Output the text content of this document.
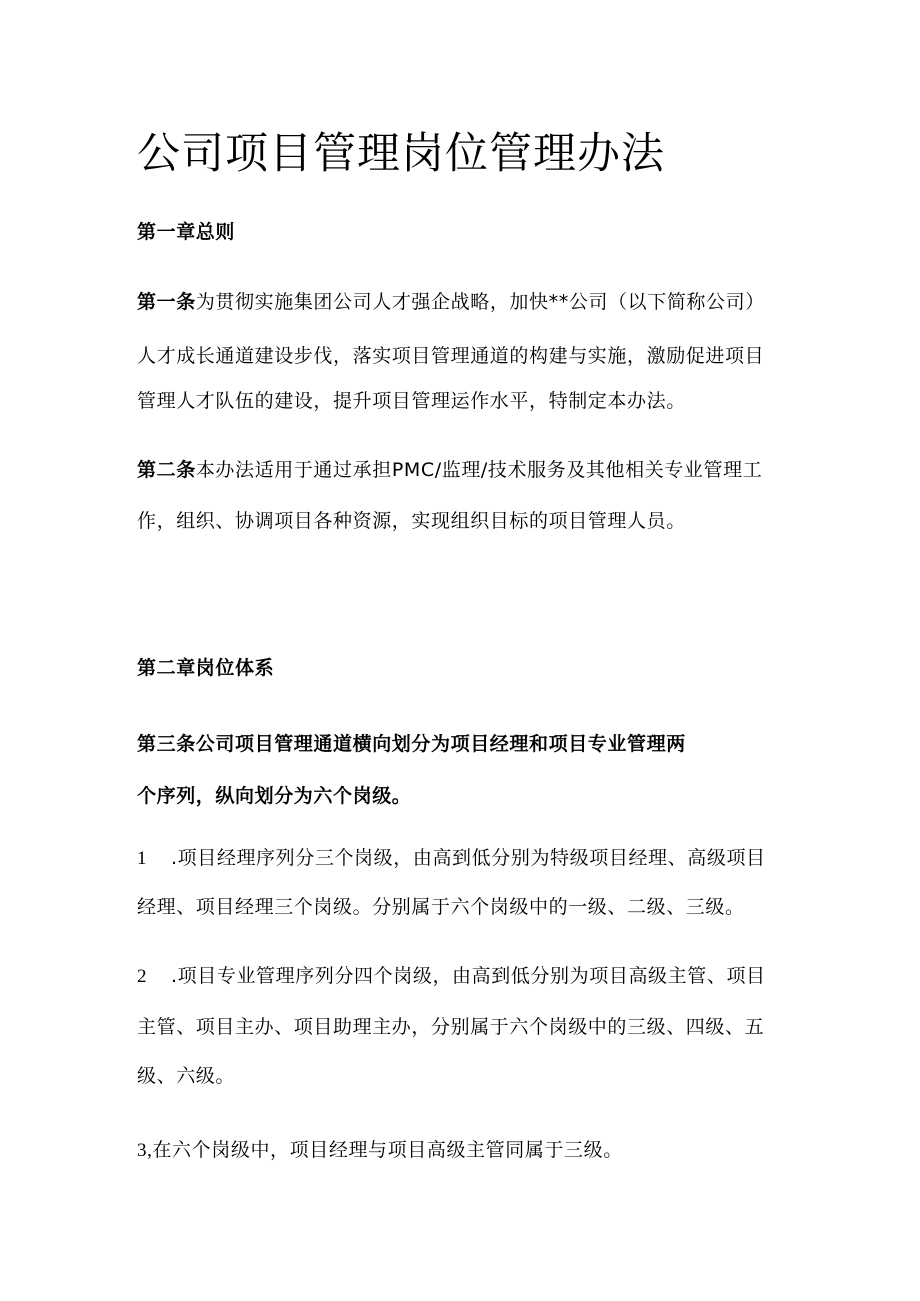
公司项目管理岗位管理办法
第一章总则
第一条为贯彻实施集团公司人才强企战略，加快**公司（以下简称公司）
人才成长通道建设步伐，落实项目管理通道的构建与实施，激励促进项目
管理人才队伍的建设，提升项目管理运作水平，特制定本办法。
第二条本办法适用于通过承担PMC/监理/技术服务及其他相关专业管理工
作，组织、协调项目各种资源，实现组织目标的项目管理人员。
第二章岗位体系
第三条公司项目管理通道横向划分为项目经理和项目专业管理两
个序列，纵向划分为六个岗级。
1 .项目经理序列分三个岗级，由高到低分别为特级项目经理、高级项目
经理、项目经理三个岗级。分别属于六个岗级中的一级、二级、三级。
2 .项目专业管理序列分四个岗级，由高到低分别为项目高级主管、项目
主管、项目主办、项目助理主办，分别属于六个岗级中的三级、四级、五
级、六级。
3,在六个岗级中，项目经理与项目高级主管同属于三级。
